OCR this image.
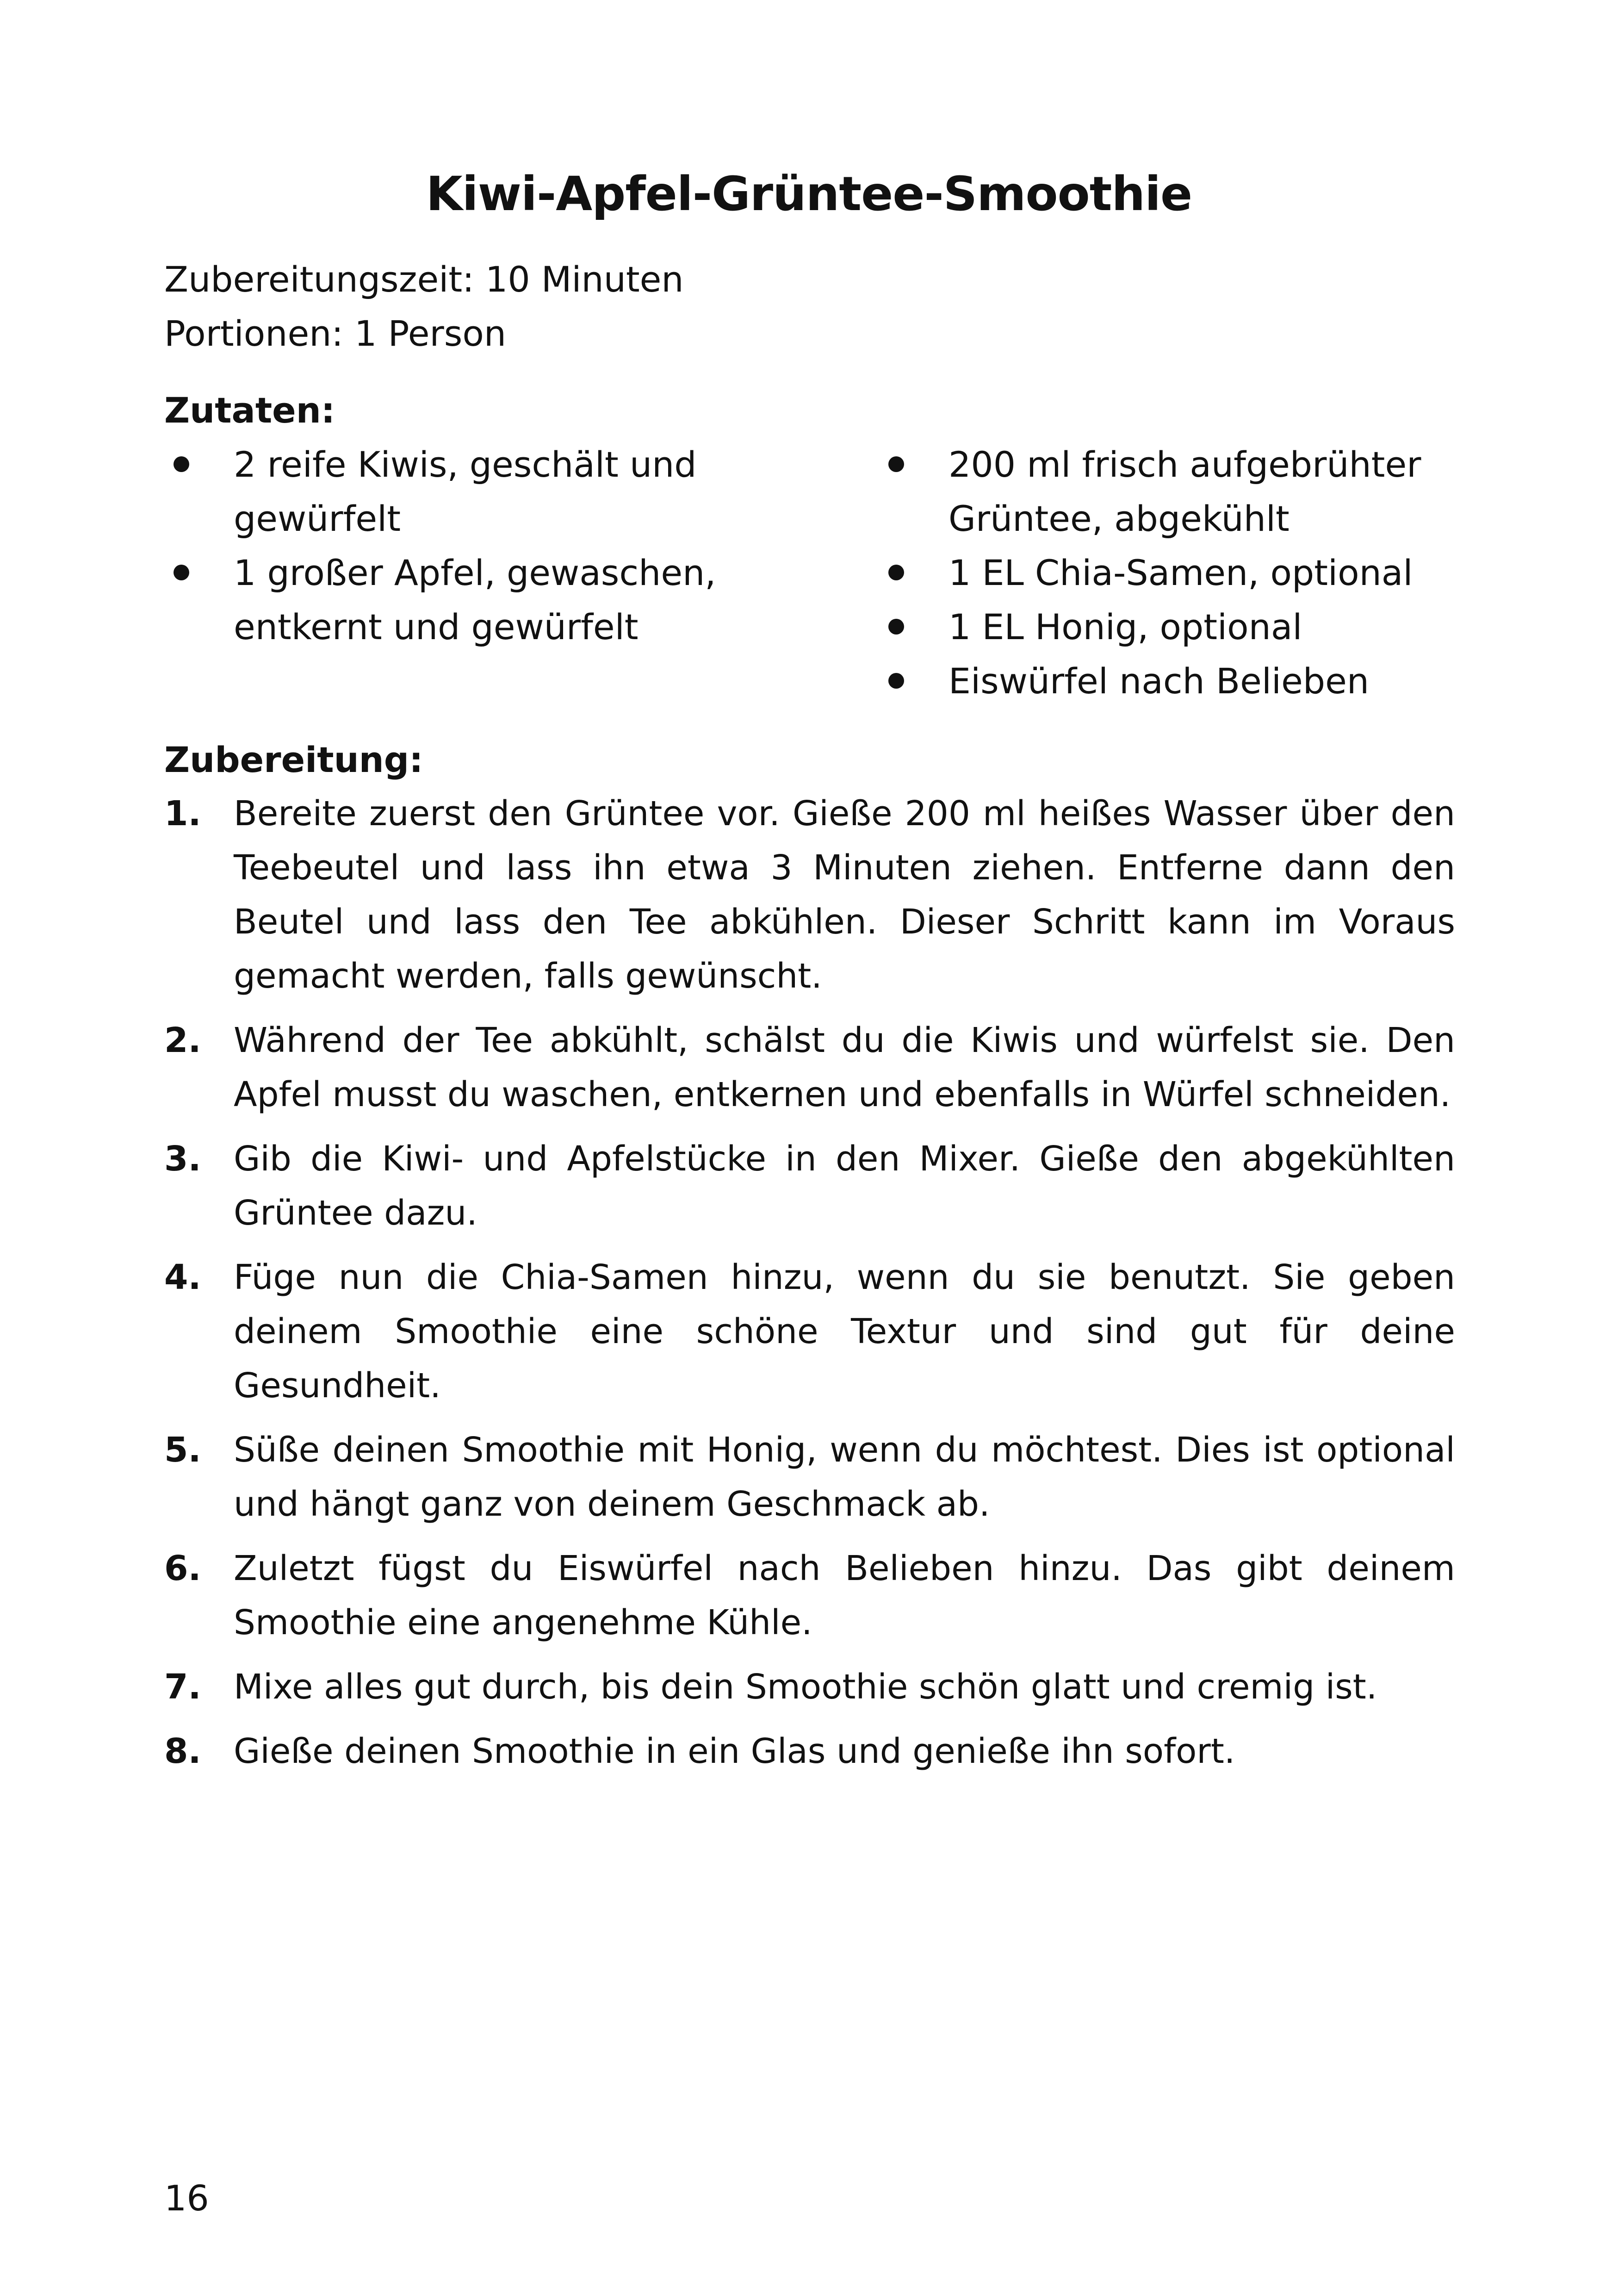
Kiwi-Apfel-Grüntee-Smoothie
Zubereitungszeit: 10 Minuten
Portionen: 1 Person
Zutaten:
2 reife Kiwis, geschält und gewürfelt
1 großer Apfel, gewaschen, entkernt und gewürfelt
200 ml frisch aufgebrühter Grüntee, abgekühlt
1 EL Chia-Samen, optional
1 EL Honig, optional
Eiswürfel nach Belieben
Zubereitung:
1. Bereite zuerst den Grüntee vor. Gieße 200 ml heißes Wasser über den Teebeutel und lass ihn etwa 3 Minuten ziehen. Entferne dann den Beutel und lass den Tee abkühlen. Dieser Schritt kann im Voraus gemacht werden, falls gewünscht.
2. Während der Tee abkühlt, schälst du die Kiwis und würfelst sie. Den Apfel musst du waschen, entkernen und ebenfalls in Würfel schneiden.
3. Gib die Kiwi- und Apfelstücke in den Mixer. Gieße den abgekühlten Grüntee dazu.
4. Füge nun die Chia-Samen hinzu, wenn du sie benutzt. Sie geben deinem Smoothie eine schöne Textur und sind gut für deine Gesundheit.
5. Süße deinen Smoothie mit Honig, wenn du möchtest. Dies ist optional und hängt ganz von deinem Geschmack ab.
6. Zuletzt fügst du Eiswürfel nach Belieben hinzu. Das gibt deinem Smoothie eine angenehme Kühle.
7. Mixe alles gut durch, bis dein Smoothie schön glatt und cremig ist.
8. Gieße deinen Smoothie in ein Glas und genieße ihn sofort.
16
